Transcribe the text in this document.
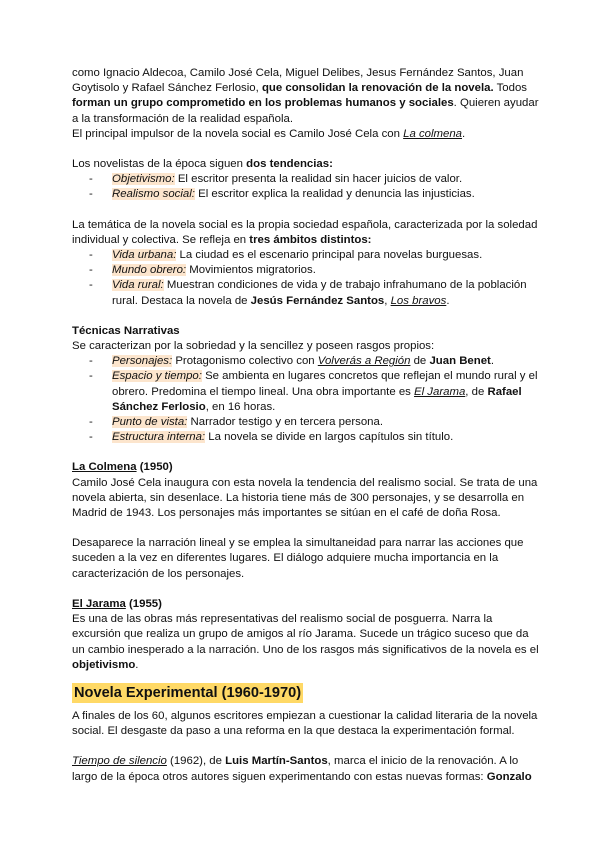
como Ignacio Aldecoa, Camilo José Cela, Miguel Delibes, Jesus Fernández Santos, Juan Goytisolo y Rafael Sánchez Ferlosio, que consolidan la renovación de la novela. Todos forman un grupo comprometido en los problemas humanos y sociales. Quieren ayudar a la transformación de la realidad española.

El principal impulsor de la novela social es Camilo José Cela con La colmena.

Los novelistas de la época siguen dos tendencias:

- Objetivismo: El escritor presenta la realidad sin hacer juicios de valor.
- Realismo social: El escritor explica la realidad y denuncia las injusticias.

La temática de la novela social es la propia sociedad española, caracterizada por la soledad individual y colectiva. Se refleja en tres ámbitos distintos:

- Vida urbana: La ciudad es el escenario principal para novelas burguesas.
- Mundo obrero: Movimientos migratorios.
- Vida rural: Muestran condiciones de vida y de trabajo infrahumano de la población rural. Destaca la novela de Jesús Fernández Santos, Los bravos.

Técnicas Narrativas

Se caracterizan por la sobriedad y la sencillez y poseen rasgos propios:

- Personajes: Protagonismo colectivo con Volverás a Región de Juan Benet.
- Espacio y tiempo: Se ambienta en lugares concretos que reflejan el mundo rural y el obrero. Predomina el tiempo lineal. Una obra importante es El Jarama, de Rafael Sánchez Ferlosio, en 16 horas.
- Punto de vista: Narrador testigo y en tercera persona.
- Estructura interna: La novela se divide en largos capítulos sin título.

La Colmena (1950)

Camilo José Cela inaugura con esta novela la tendencia del realismo social. Se trata de una novela abierta, sin desenlace. La historia tiene más de 300 personajes, y se desarrolla en Madrid de 1943. Los personajes más importantes se sitúan en el café de doña Rosa.

Desaparece la narración lineal y se emplea la simultaneidad para narrar las acciones que suceden a la vez en diferentes lugares. El diálogo adquiere mucha importancia en la caracterización de los personajes.

El Jarama (1955)

Es una de las obras más representativas del realismo social de posguerra. Narra la excursión que realiza un grupo de amigos al río Jarama. Sucede un trágico suceso que da un cambio inesperado a la narración. Uno de los rasgos más significativos de la novela es el objetivismo.

Novela Experimental (1960-1970)

A finales de los 60, algunos escritores empiezan a cuestionar la calidad literaria de la novela social. El desgaste da paso a una reforma en la que destaca la experimentación formal.

Tiempo de silencio (1962), de Luis Martín-Santos, marca el inicio de la renovación. A lo largo de la época otros autores siguen experimentando con estas nuevas formas: Gonzalo
